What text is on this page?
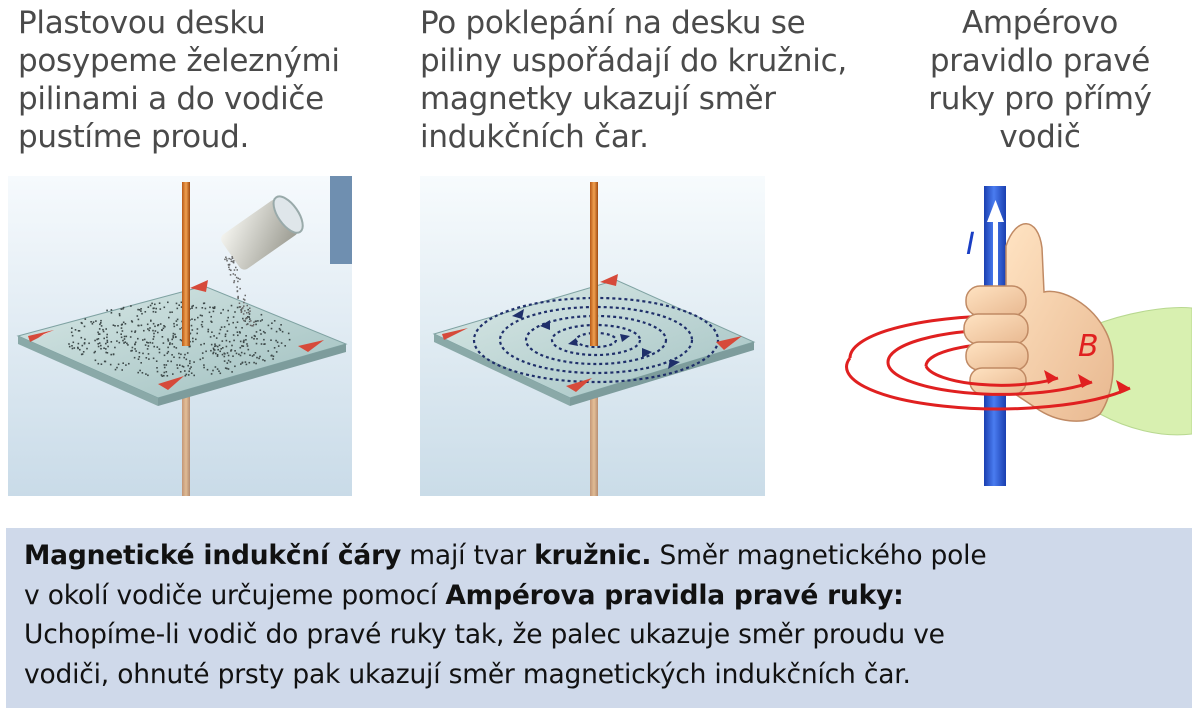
Plastovou desku
posypeme železnými
pilinami a do vodiče
pustíme proud.
Po poklepání na desku se
piliny uspořádají do kružnic,
magnetky ukazují směr
indukčních čar.
Ampérovo
pravidlo pravé
ruky pro přímý
vodič
I
B
Magnetické indukční čáry mají tvar kružnic. Směr magnetického pole
v okolí vodiče určujeme pomocí Ampérova pravidla pravé ruky:
Uchopíme-li vodič do pravé ruky tak, že palec ukazuje směr proudu ve
vodiči, ohnuté prsty pak ukazují směr magnetických indukčních čar.
